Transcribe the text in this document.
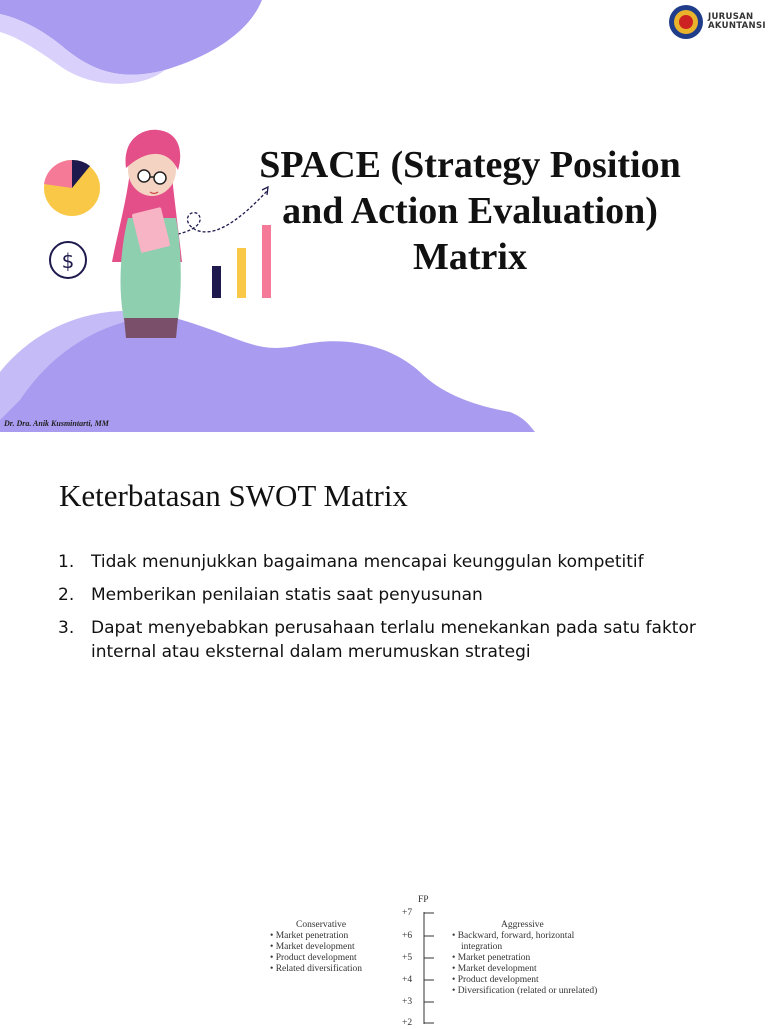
$
JURUSAN
AKUNTANSI
SPACE (Strategy Position
and Action Evaluation)
Matrix
Dr. Dra. Anik Kusmintarti, MM
Keterbatasan SWOT Matrix
1. Tidak menunjukkan bagaimana mencapai keunggulan kompetitif
2. Memberikan penilaian statis saat penyusunan
3. Dapat menyebabkan perusahaan terlalu menekankan pada satu faktor internal atau eksternal dalam merumuskan strategi
FP
+7
+6
+5
+4
+3
+2
Conservative
• Market penetration
• Market development
• Product development
• Related diversification
Aggressive
• Backward, forward, horizontal
integration
• Market penetration
• Market development
• Product development
• Diversification (related or unrelated)
